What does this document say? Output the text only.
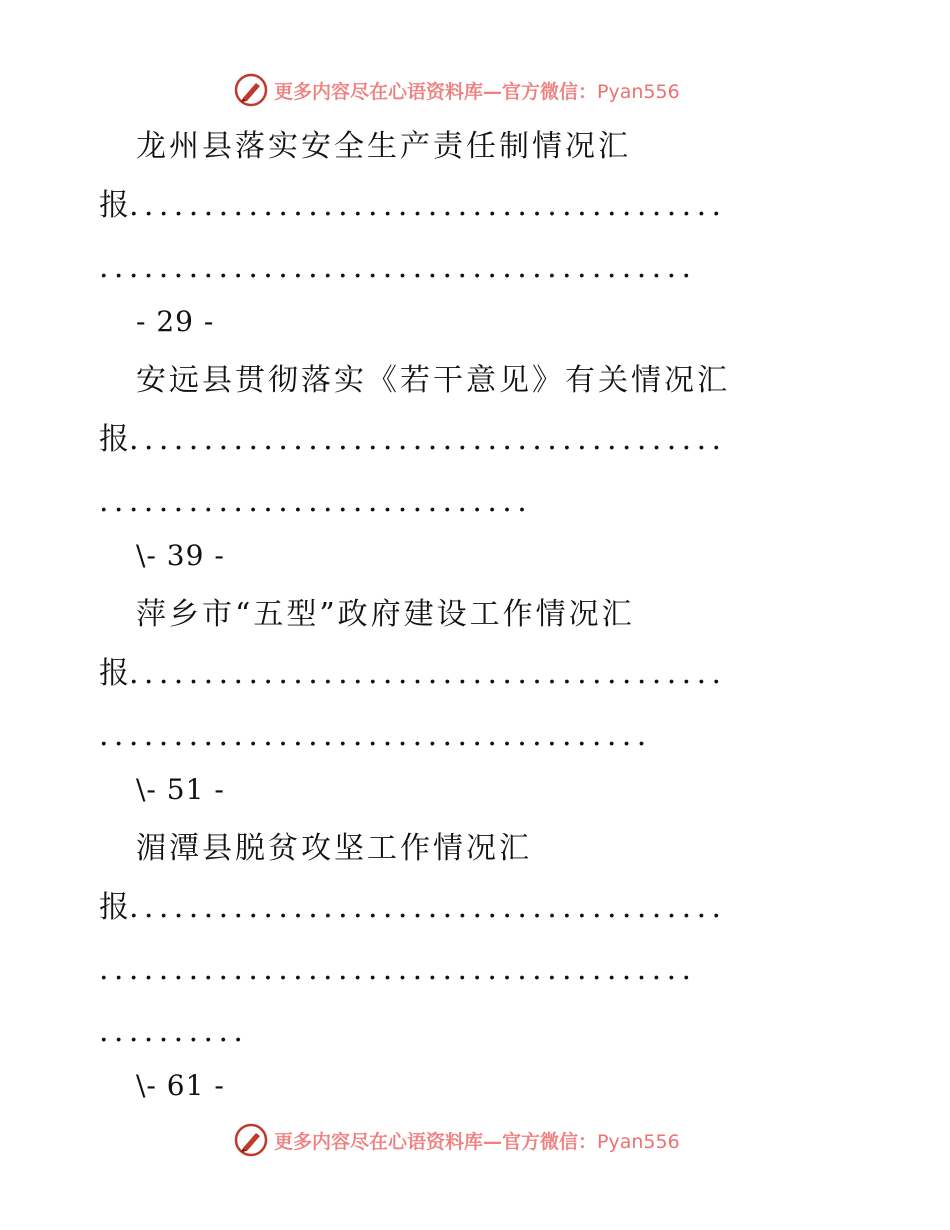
更多内容尽在心语资料库—官方微信：Pyan556
龙州县落实安全生产责任制情况汇
报 ........................................
........................................
- 29 -
安远县贯彻落实《若干意见》有关情况汇
报 ........................................
.............................
\- 39 -
萍乡市“五型”政府建设工作情况汇
报 ........................................
.....................................
\- 51 -
湄潭县脱贫攻坚工作情况汇
报 ........................................
........................................
..........
\- 61 -
更多内容尽在心语资料库—官方微信：Pyan556
